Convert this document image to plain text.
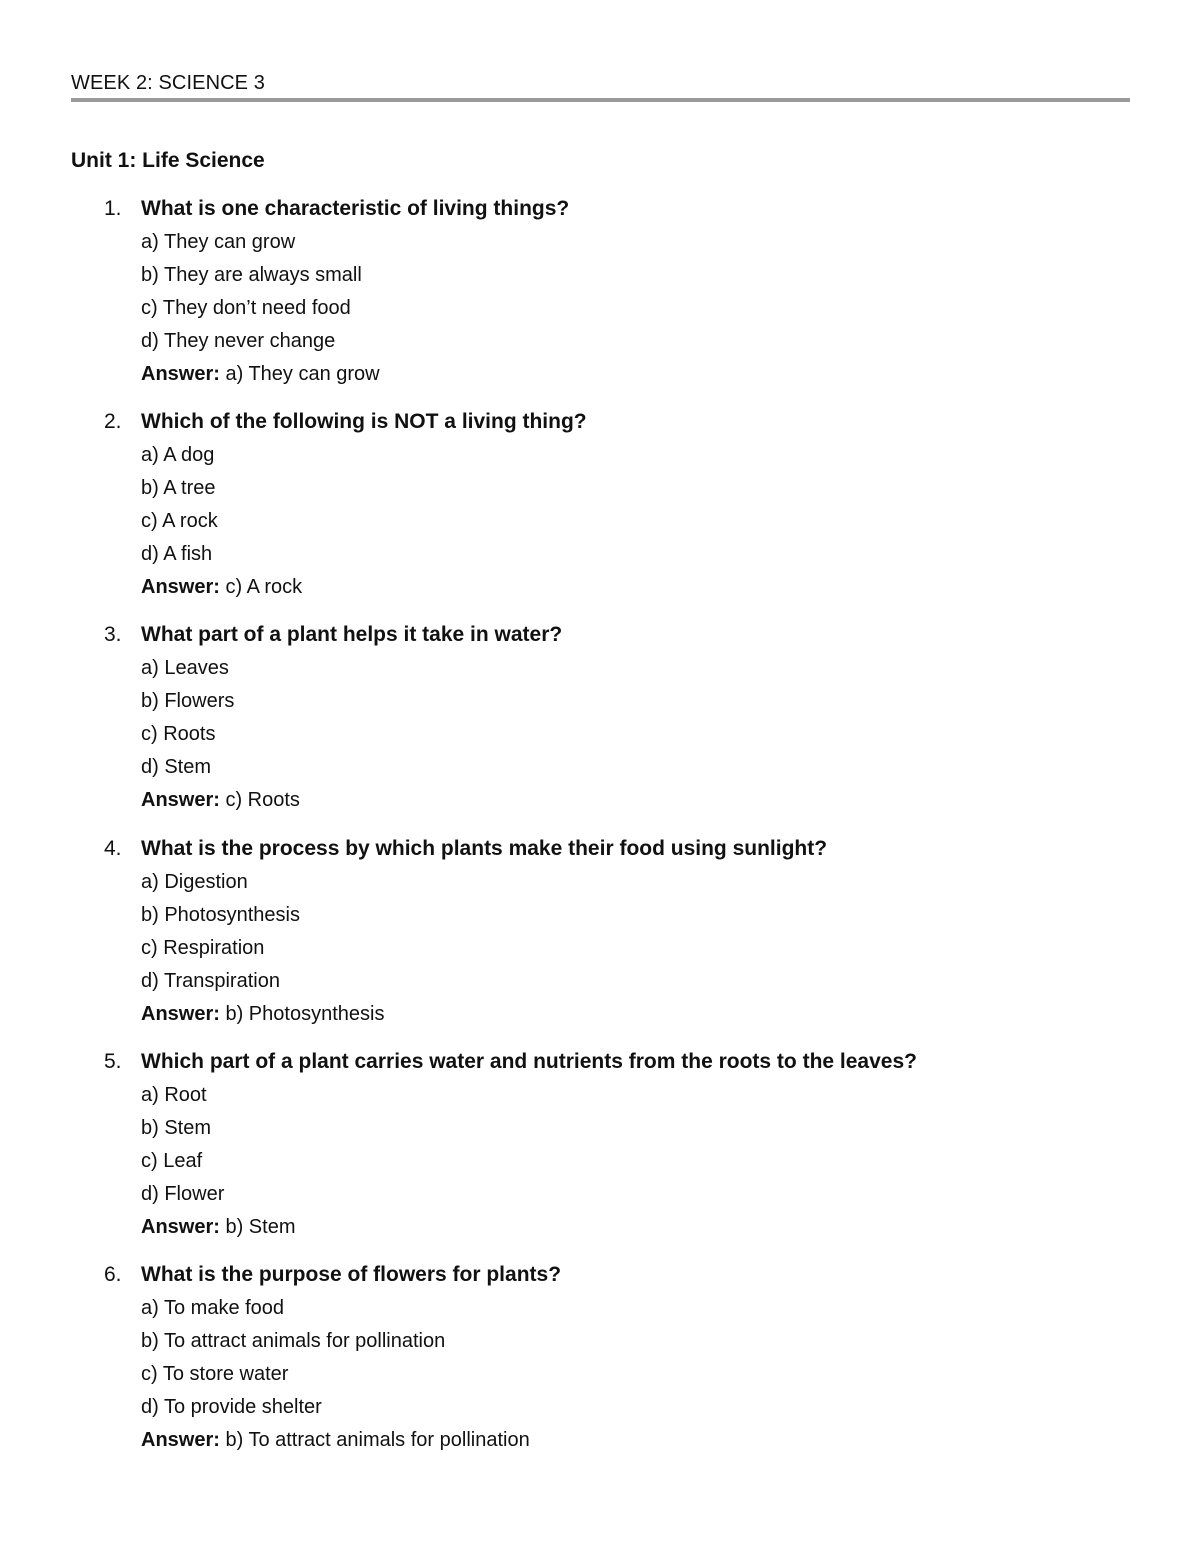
WEEK 2: SCIENCE 3
Unit 1: Life Science
1. What is one characteristic of living things?
a) They can grow
b) They are always small
c) They don’t need food
d) They never change
Answer: a) They can grow
2. Which of the following is NOT a living thing?
a) A dog
b) A tree
c) A rock
d) A fish
Answer: c) A rock
3. What part of a plant helps it take in water?
a) Leaves
b) Flowers
c) Roots
d) Stem
Answer: c) Roots
4. What is the process by which plants make their food using sunlight?
a) Digestion
b) Photosynthesis
c) Respiration
d) Transpiration
Answer: b) Photosynthesis
5. Which part of a plant carries water and nutrients from the roots to the leaves?
a) Root
b) Stem
c) Leaf
d) Flower
Answer: b) Stem
6. What is the purpose of flowers for plants?
a) To make food
b) To attract animals for pollination
c) To store water
d) To provide shelter
Answer: b) To attract animals for pollination
